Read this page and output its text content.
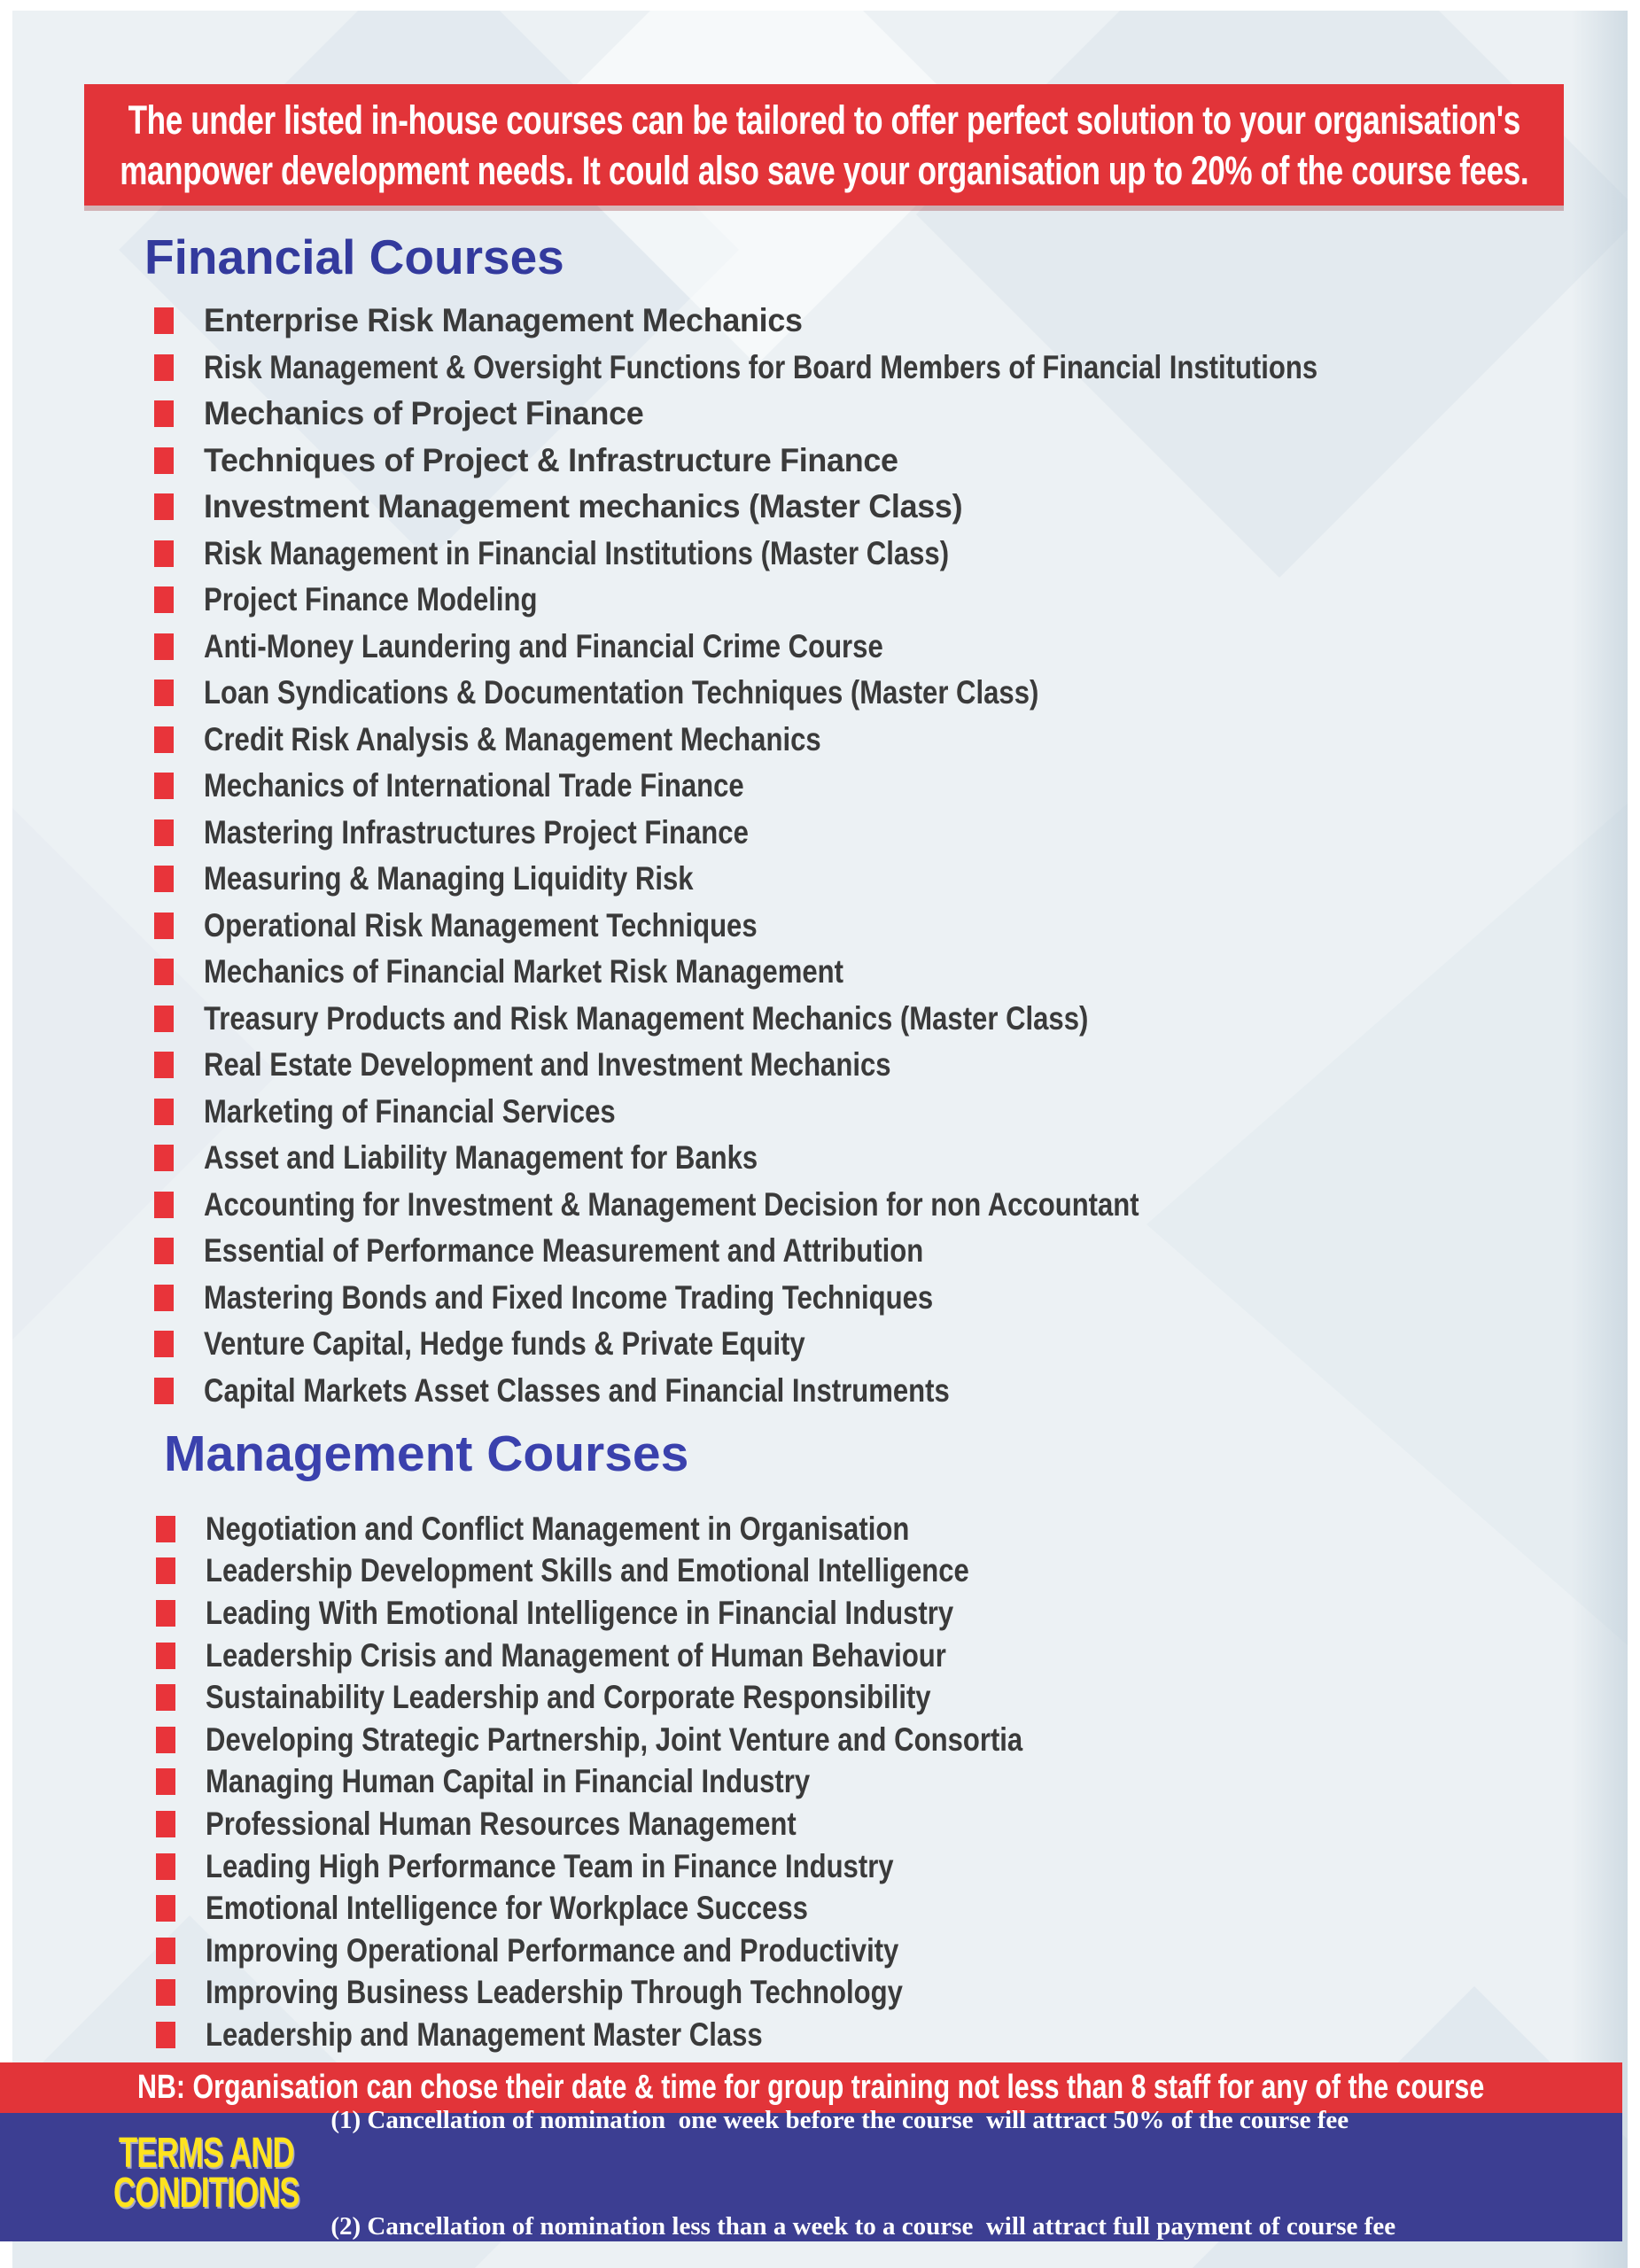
The under listed in-house courses can be tailored to offer perfect solution to your organisation's
manpower development needs. It could also save your organisation up to 20% of the course fees.
Financial Courses
Enterprise Risk Management Mechanics
Risk Management & Oversight Functions for Board Members of Financial Institutions
Mechanics of Project Finance
Techniques of Project & Infrastructure Finance
Investment Management mechanics (Master Class)
Risk Management in Financial Institutions (Master Class)
Project Finance Modeling
Anti-Money Laundering and Financial Crime Course
Loan Syndications & Documentation Techniques (Master Class)
Credit Risk Analysis & Management Mechanics
Mechanics of International Trade Finance
Mastering Infrastructures Project Finance
Measuring & Managing Liquidity Risk
Operational Risk Management Techniques
Mechanics of Financial Market Risk Management
Treasury Products and Risk Management Mechanics (Master Class)
Real Estate Development and Investment Mechanics
Marketing of Financial Services
Asset and Liability Management for Banks
Accounting for Investment & Management Decision for non Accountant
Essential of Performance Measurement and Attribution
Mastering Bonds and Fixed Income Trading Techniques
Venture Capital, Hedge funds & Private Equity
Capital Markets Asset Classes and Financial Instruments
Management Courses
Negotiation and Conflict Management in Organisation
Leadership Development Skills and Emotional Intelligence
Leading With Emotional Intelligence in Financial Industry
Leadership Crisis and Management of Human Behaviour
Sustainability Leadership and Corporate Responsibility
Developing Strategic Partnership, Joint Venture and Consortia
Managing Human Capital in Financial Industry
Professional Human Resources Management
Leading High Performance Team in Finance Industry
Emotional Intelligence for Workplace Success
Improving Operational Performance and Productivity
Improving Business Leadership Through Technology
Leadership and Management Master Class
NB: Organisation can chose their date & time for group training not less than 8 staff for any of the course
TERMS AND
CONDITIONS

(1) Cancellation of nomination  one week before the course  will attract 50% of the course fee

(2) Cancellation of nomination less than a week to a course  will attract full payment of course fee
